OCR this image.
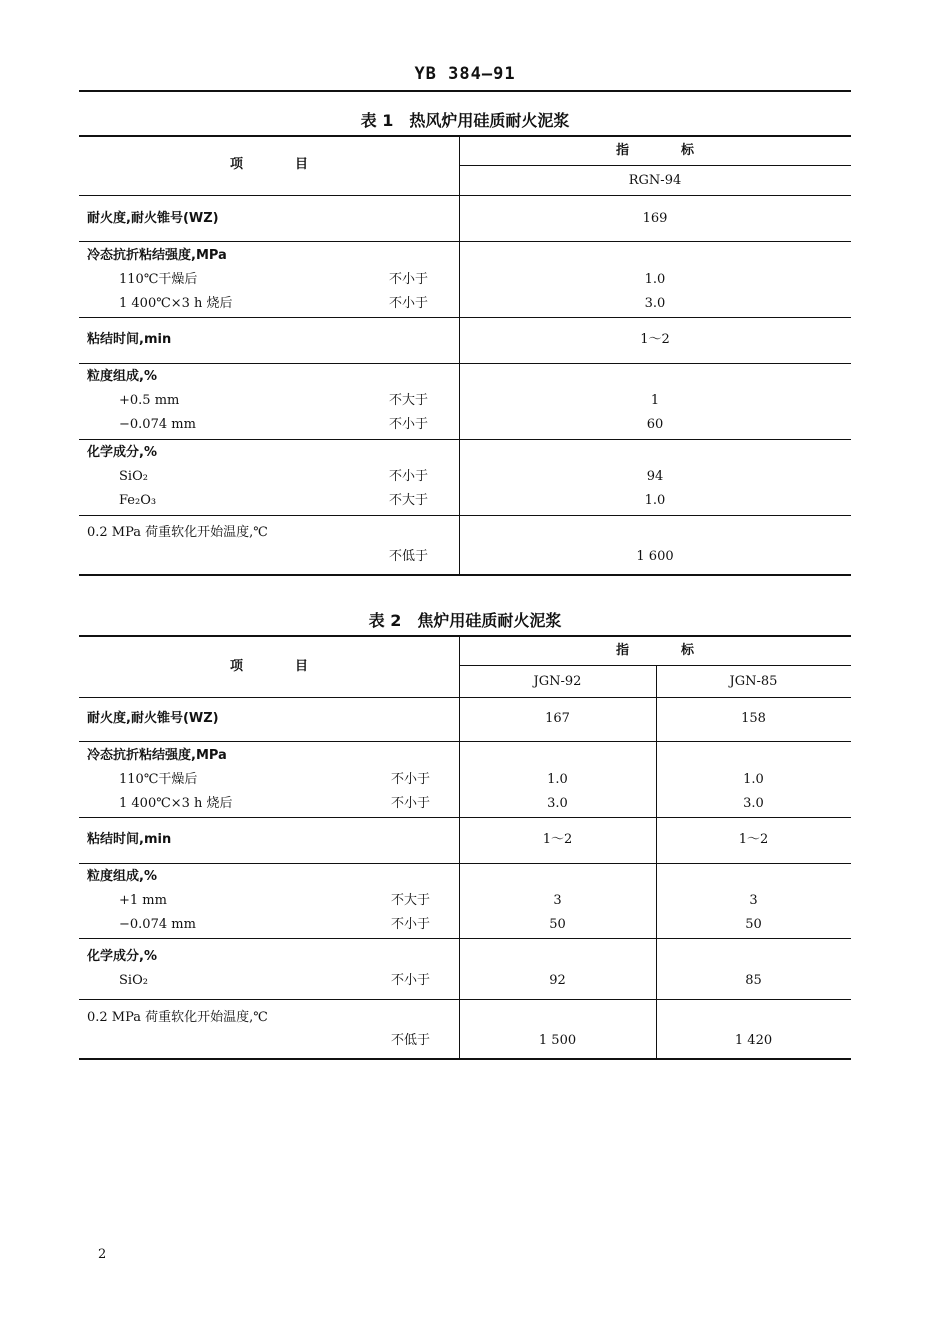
YB 384—91
表 1　热风炉用硅质耐火泥浆
项　　　　目
指　　　　标
RGN-94
耐火度,耐火锥号(WZ)	169
冷态抗折粘结强度,MPa
110℃干燥后	不小于	1.0
1 400℃×3 h 烧后	不小于	3.0
粘结时间,min	1～2
粒度组成,%
+0.5 mm	不大于	1
−0.074 mm	不小于	60
化学成分,%
SiO₂	不小于	94
Fe₂O₃	不大于	1.0
0.2 MPa 荷重软化开始温度,℃
不低于	1 600
表 2　焦炉用硅质耐火泥浆
项　　　　目
指　　　　标
JGN-92	JGN-85
耐火度,耐火锥号(WZ)	167	158
冷态抗折粘结强度,MPa
110℃干燥后	不小于	1.0	1.0
1 400℃×3 h 烧后	不小于	3.0	3.0
粘结时间,min	1～2	1～2
粒度组成,%
+1 mm	不大于	3	3
−0.074 mm	不小于	50	50
化学成分,%
SiO₂	不小于	92	85
0.2 MPa 荷重软化开始温度,℃
不低于	1 500	1 420
2
